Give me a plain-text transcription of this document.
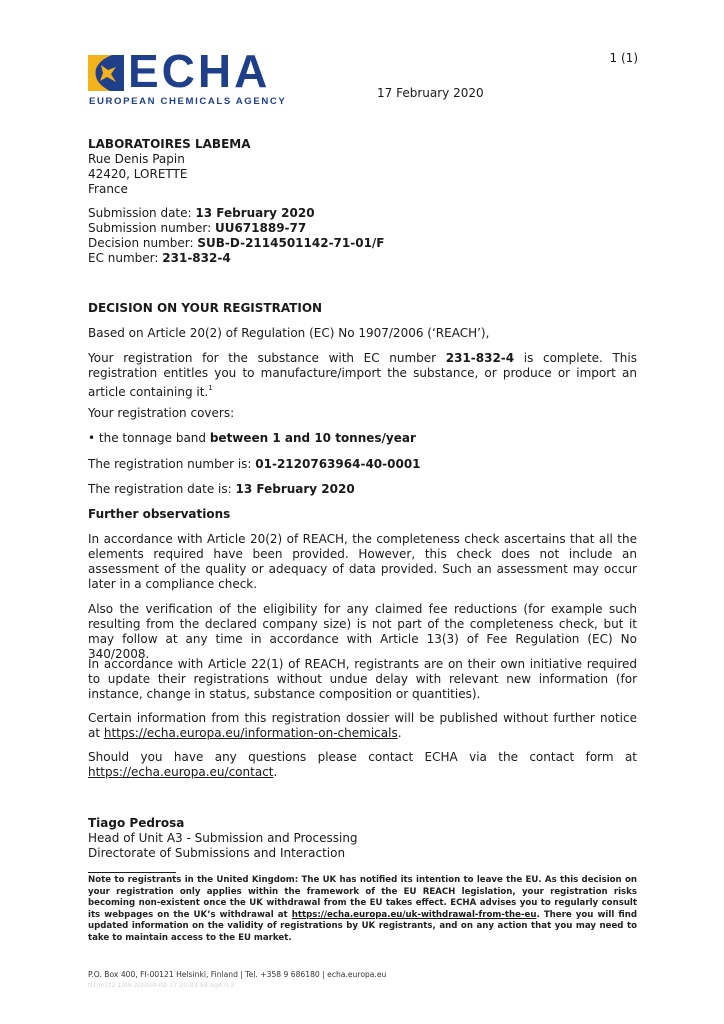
ECHA
EUROPEAN CHEMICALS AGENCY
1 (1)
17 February 2020
LABORATOIRES LABEMA
Rue Denis Papin
42420, LORETTE
France
Submission date: 13 February 2020
Submission number: UU671889-77
Decision number: SUB-D-2114501142-71-01/F
EC number: 231-832-4
DECISION ON YOUR REGISTRATION
Based on Article 20(2) of Regulation (EC) No 1907/2006 (‘REACH’),
Your registration for the substance with EC number 231-832-4 is complete. This registration entitles you to manufacture/import the substance, or produce or import an article containing it.$^1$
Your registration covers:
• the tonnage band between 1 and 10 tonnes/year
The registration number is: 01-2120763964-40-0001
The registration date is: 13 February 2020
Further observations
In accordance with Article 20(2) of REACH, the completeness check ascertains that all the elements required have been provided. However, this check does not include an assessment of the quality or adequacy of data provided. Such an assessment may occur later in a compliance check.
Also the verification of the eligibility for any claimed fee reductions (for example such resulting from the declared company size) is not part of the completeness check, but it may follow at any time in accordance with Article 13(3) of Fee Regulation (EC) No 340/2008.
In accordance with Article 22(1) of REACH, registrants are on their own initiative required to update their registrations without undue delay with relevant new information (for instance, change in status, substance composition or quantities).
Certain information from this registration dossier will be published without further notice at https://echa.europa.eu/information-on-chemicals.
Should you have any questions please contact ECHA via the contact form at https://echa.europa.eu/contact.
Tiago Pedrosa
Head of Unit A3 - Submission and Processing
Directorate of Submissions and Interaction
Note to registrants in the United Kingdom: The UK has notified its intention to leave the EU. As this decision on your registration only applies within the framework of the EU REACH legislation, your registration risks becoming non-existent once the UK withdrawal from the EU takes effect. ECHA advises you to regularly consult its webpages on the UK’s withdrawal at https://echa.europa.eu/uk-withdrawal-from-the-eu. There you will find updated information on the validity of registrations by UK registrants, and on any action that you may need to take to maintain access to the EU market.
P.O. Box 400, FI-00121 Helsinki, Finland | Tel. +358 9 686180 | echa.europa.eu
tl1/m1t2.1/09.2/2020-02-17 20:03:58 dg4.0.2
